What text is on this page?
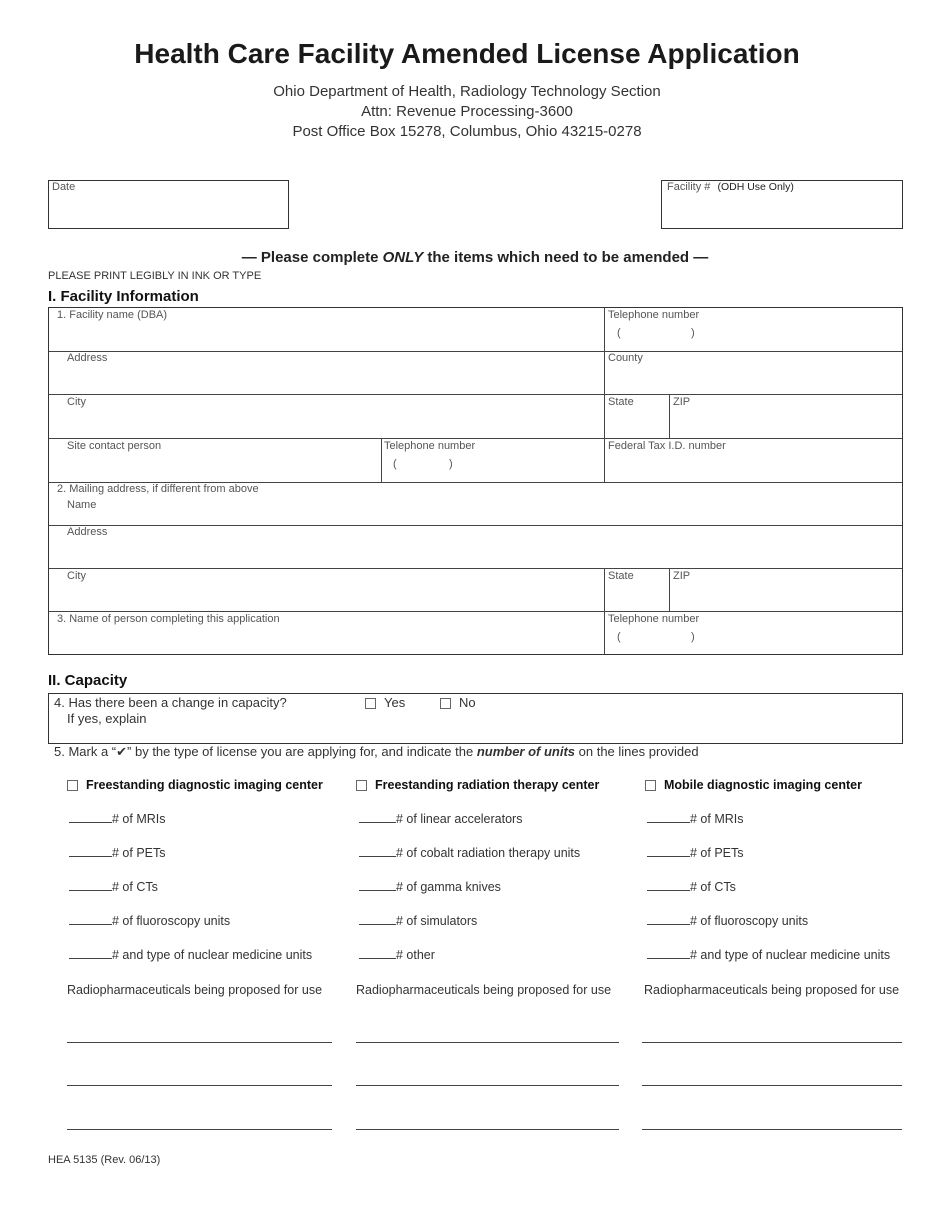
Health Care Facility Amended License Application
Ohio Department of Health, Radiology Technology Section
Attn: Revenue Processing-3600
Post Office Box 15278, Columbus, Ohio 43215-0278
Date	Facility # (ODH Use Only)
— Please complete ONLY the items which need to be amended —
PLEASE PRINT LEGIBLY IN INK OR TYPE
I. Facility Information
1. Facility name (DBA)	Telephone number
(	)
Address	County
City	State	ZIP
Site contact person	Telephone number
(	)
Federal Tax I.D. number
2. Mailing address, if different from above
Name
Address
City	State	ZIP
3. Name of person completing this application	Telephone number
(	)
II. Capacity
4. Has there been a change in capacity?	Yes	No
If yes, explain
5. Mark a “✔” by the type of license you are applying for, and indicate the number of units on the lines provided
Freestanding diagnostic imaging center
# of MRIs
# of PETs
# of CTs
# of fluoroscopy units
# and type of nuclear medicine units
Radiopharmaceuticals being proposed for use
Freestanding radiation therapy center
# of linear accelerators
# of cobalt radiation therapy units
# of gamma knives
# of simulators
# other
Radiopharmaceuticals being proposed for use
Mobile diagnostic imaging center
# of MRIs
# of PETs
# of CTs
# of fluoroscopy units
# and type of nuclear medicine units
Radiopharmaceuticals being proposed for use
HEA 5135 (Rev. 06/13)
